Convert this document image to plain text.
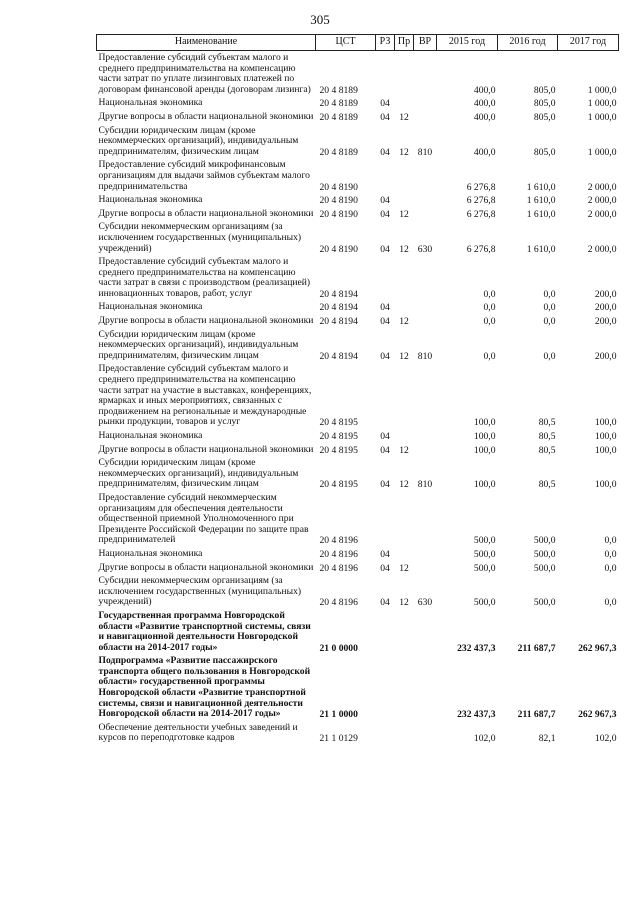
305
Наименование	ЦСТ	РЗ	Пр	ВР	2015 год	2016 год	2017 год
Предоставление субсидий субъектам малого и среднего предпринимательства на компенсацию части затрат по уплате лизинговых платежей по договорам финансовой аренды (договорам лизинга)	20 4 8189				400,0	805,0	1 000,0
Национальная экономика	20 4 8189	04			400,0	805,0	1 000,0
Другие вопросы в области национальной экономики	20 4 8189	04	12		400,0	805,0	1 000,0
Субсидии юридическим лицам (кроме некоммерческих организаций), индивидуальным предпринимателям, физическим лицам	20 4 8189	04	12	810	400,0	805,0	1 000,0
Предоставление субсидий микрофинансовым организациям для выдачи займов субъектам малого предпринимательства	20 4 8190				6 276,8	1 610,0	2 000,0
Национальная экономика	20 4 8190	04			6 276,8	1 610,0	2 000,0
Другие вопросы в области национальной экономики	20 4 8190	04	12		6 276,8	1 610,0	2 000,0
Субсидии некоммерческим организациям (за исключением государственных (муниципальных) учреждений)	20 4 8190	04	12	630	6 276,8	1 610,0	2 000,0
Предоставление субсидий субъектам малого и среднего предпринимательства на компенсацию части затрат в связи с производством (реализацией) инновационных товаров, работ, услуг	20 4 8194				0,0	0,0	200,0
Национальная экономика	20 4 8194	04			0,0	0,0	200,0
Другие вопросы в области национальной экономики	20 4 8194	04	12		0,0	0,0	200,0
Субсидии юридическим лицам (кроме некоммерческих организаций), индивидуальным предпринимателям, физическим лицам	20 4 8194	04	12	810	0,0	0,0	200,0
Предоставление субсидий субъектам малого и среднего предпринимательства на компенсацию части затрат на участие в выставках, конференциях, ярмарках и иных мероприятиях, связанных с продвижением на региональные и международные рынки продукции, товаров и услуг	20 4 8195				100,0	80,5	100,0
Национальная экономика	20 4 8195	04			100,0	80,5	100,0
Другие вопросы в области национальной экономики	20 4 8195	04	12		100,0	80,5	100,0
Субсидии юридическим лицам (кроме некоммерческих организаций), индивидуальным предпринимателям, физическим лицам	20 4 8195	04	12	810	100,0	80,5	100,0
Предоставление субсидий некоммерческим организациям для обеспечения деятельности общественной приемной Уполномоченного при Президенте Российской Федерации по защите прав предпринимателей	20 4 8196				500,0	500,0	0,0
Национальная экономика	20 4 8196	04			500,0	500,0	0,0
Другие вопросы в области национальной экономики	20 4 8196	04	12		500,0	500,0	0,0
Субсидии некоммерческим организациям (за исключением государственных (муниципальных) учреждений)	20 4 8196	04	12	630	500,0	500,0	0,0
Государственная программа Новгородской области «Развитие транспортной системы, связи и навигационной деятельности Новгородской области на 2014-2017 годы»	21 0 0000				232 437,3	211 687,7	262 967,3
Подпрограмма «Развитие пассажирского транспорта общего пользования в Новгородской области» государственной программы Новгородской области «Развитие транспортной системы, связи и навигационной деятельности Новгородской области на 2014-2017 годы»	21 1 0000				232 437,3	211 687,7	262 967,3
Обеспечение деятельности учебных заведений и курсов по переподготовке кадров	21 1 0129				102,0	82,1	102,0
